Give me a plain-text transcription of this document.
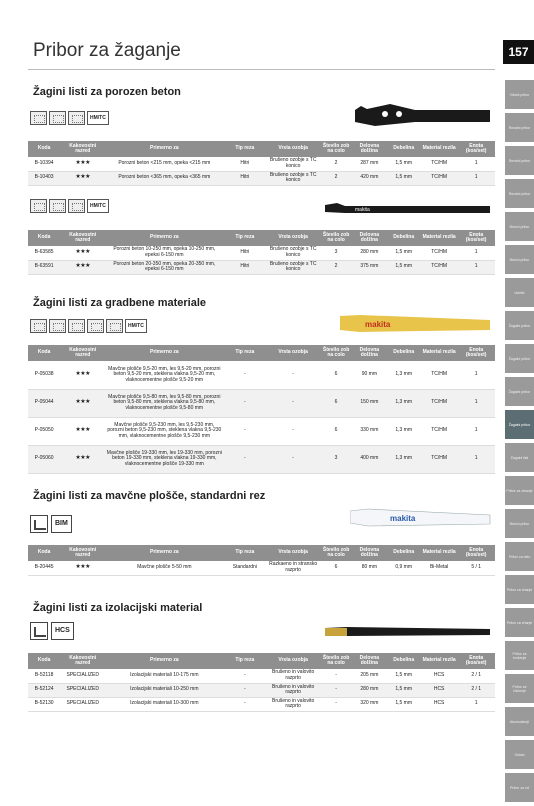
Pribor za žaganje	157
Vrtalni pribor
Rezalni pribor
Rezalni pribor
Rezalni pribor
Brusni pribor
Brusni pribor
Izdelki
Žagalni pribor
Žagalni pribor
Žagalni pribor
Žagalni pribor
Žagalni listi
Pribor za oblanje
Brusni pribor
Pribor za delo
Pribor za vrtanje
Pribor za vrtanje
Pribor za brušenje
Pribor za čiščenje
Akumulatorji
Ostalo
Pribor za vrt
Žagini listi za porozen beton
HM/TC
Koda	Kakovostni razred	Primerno za	Tip reza	Vrsta ozobja	Število zob na colo	Delovna dolžina	Debelina	Material rezila	Enota (kos/set)
B-10394	★★★	Porozni beton <215 mm, opeka <215 mm	Hitri	Brušeno ozobje s TC konico	2	287 mm	1,5 mm	TC/HM	1
B-10403	★★★	Porozni beton <365 mm, opeka <365 mm	Hitri	Brušeno ozobje s TC konico	2	420 mm	1,5 mm	TC/HM	1
HM/TC
makita
Koda	Kakovostni razred	Primerno za	Tip reza	Vrsta ozobja	Število zob na colo	Delovna dolžina	Debelina	Material rezila	Enota (kos/set)
B-63585	★★★	Porozni beton 10-250 mm, opeka 10-250 mm, epeksi 6-150 mm	Hitri	Brušeno ozobje s TC konico	3	280 mm	1,5 mm	TC/HM	1
B-63591	★★★	Porozni beton 20-350 mm, opeka 20-350 mm, epeksi 6-150 mm	Hitri	Brušeno ozobje s TC konico	2	375 mm	1,5 mm	TC/HM	1
Žagini listi za gradbene materiale
HM/TC	makita
Koda	Kakovostni razred	Primerno za	Tip reza	Vrsta ozobja	Število zob na colo	Delovna dolžina	Debelina	Material rezila	Enota (kos/set)
P-05038	★★★	Mavčne plošče 9,5-20 mm, les 9,5-20 mm, porozni beton 9,5-20 mm, steklena vlakna 9,5-20 mm, vlaknocementne plošče 9,5-20 mm	-	-	6	90 mm	1,3 mm	TC/HM	1
P-05044	★★★	Mavčne plošče 9,5-80 mm, les 9,5-80 mm, porozni beton 9,5-80 mm, steklena vlakna 9,5-80 mm, vlaknocementne plošče 9,5-80 mm	-	-	6	150 mm	1,3 mm	TC/HM	1
P-05050	★★★	Mavčne plošče 9,5-230 mm, les 9,5-230 mm, porozni beton 9,5-230 mm, steklena vlakna 9,5-230 mm, vlaknocementne plošče 9,5-230 mm	-	-	6	330 mm	1,3 mm	TC/HM	1
P-05060	★★★	Mavčne plošče 19-330 mm, les 19-330 mm, porozni beton 19-330 mm, steklena vlakna 19-330 mm, vlaknocementne plošče 19-330 mm	-	-	3	400 mm	1,3 mm	TC/HM	1
Žagini listi za mavčne plošče, standardni rez
BIM
makita
Koda	Kakovostni razred	Primerno za	Tip reza	Vrsta ozobja	Število zob na colo	Delovna dolžina	Debelina	Material rezila	Enota (kos/set)
B-20445	★★★	Mavčne plošče 5-50 mm	Standardni	Razkaeno in stransko razprto	6	80 mm	0,9 mm	Bi-Metal	5 / 1
Žagini listi za izolacijski material
HCS
Koda	Kakovostni razred	Primerno za	Tip reza	Vrsta ozobja	Število zob na colo	Delovna dolžina	Debelina	Material rezila	Enota (kos/set)
B-52118	SPECIALIZED	Izolacijski materiali 10-175 mm	-	Brušeno in valovito razprto	-	205 mm	1,5 mm	HCS	2 / 1
B-52124	SPECIALIZED	Izolacijski materiali 10-250 mm	-	Brušeno in valovito razprto	-	280 mm	1,5 mm	HCS	2 / 1
B-52130	SPECIALIZED	Izolacijski materiali 10-300 mm	-	Brušeno in valovito razprto	-	320 mm	1,5 mm	HCS	1
